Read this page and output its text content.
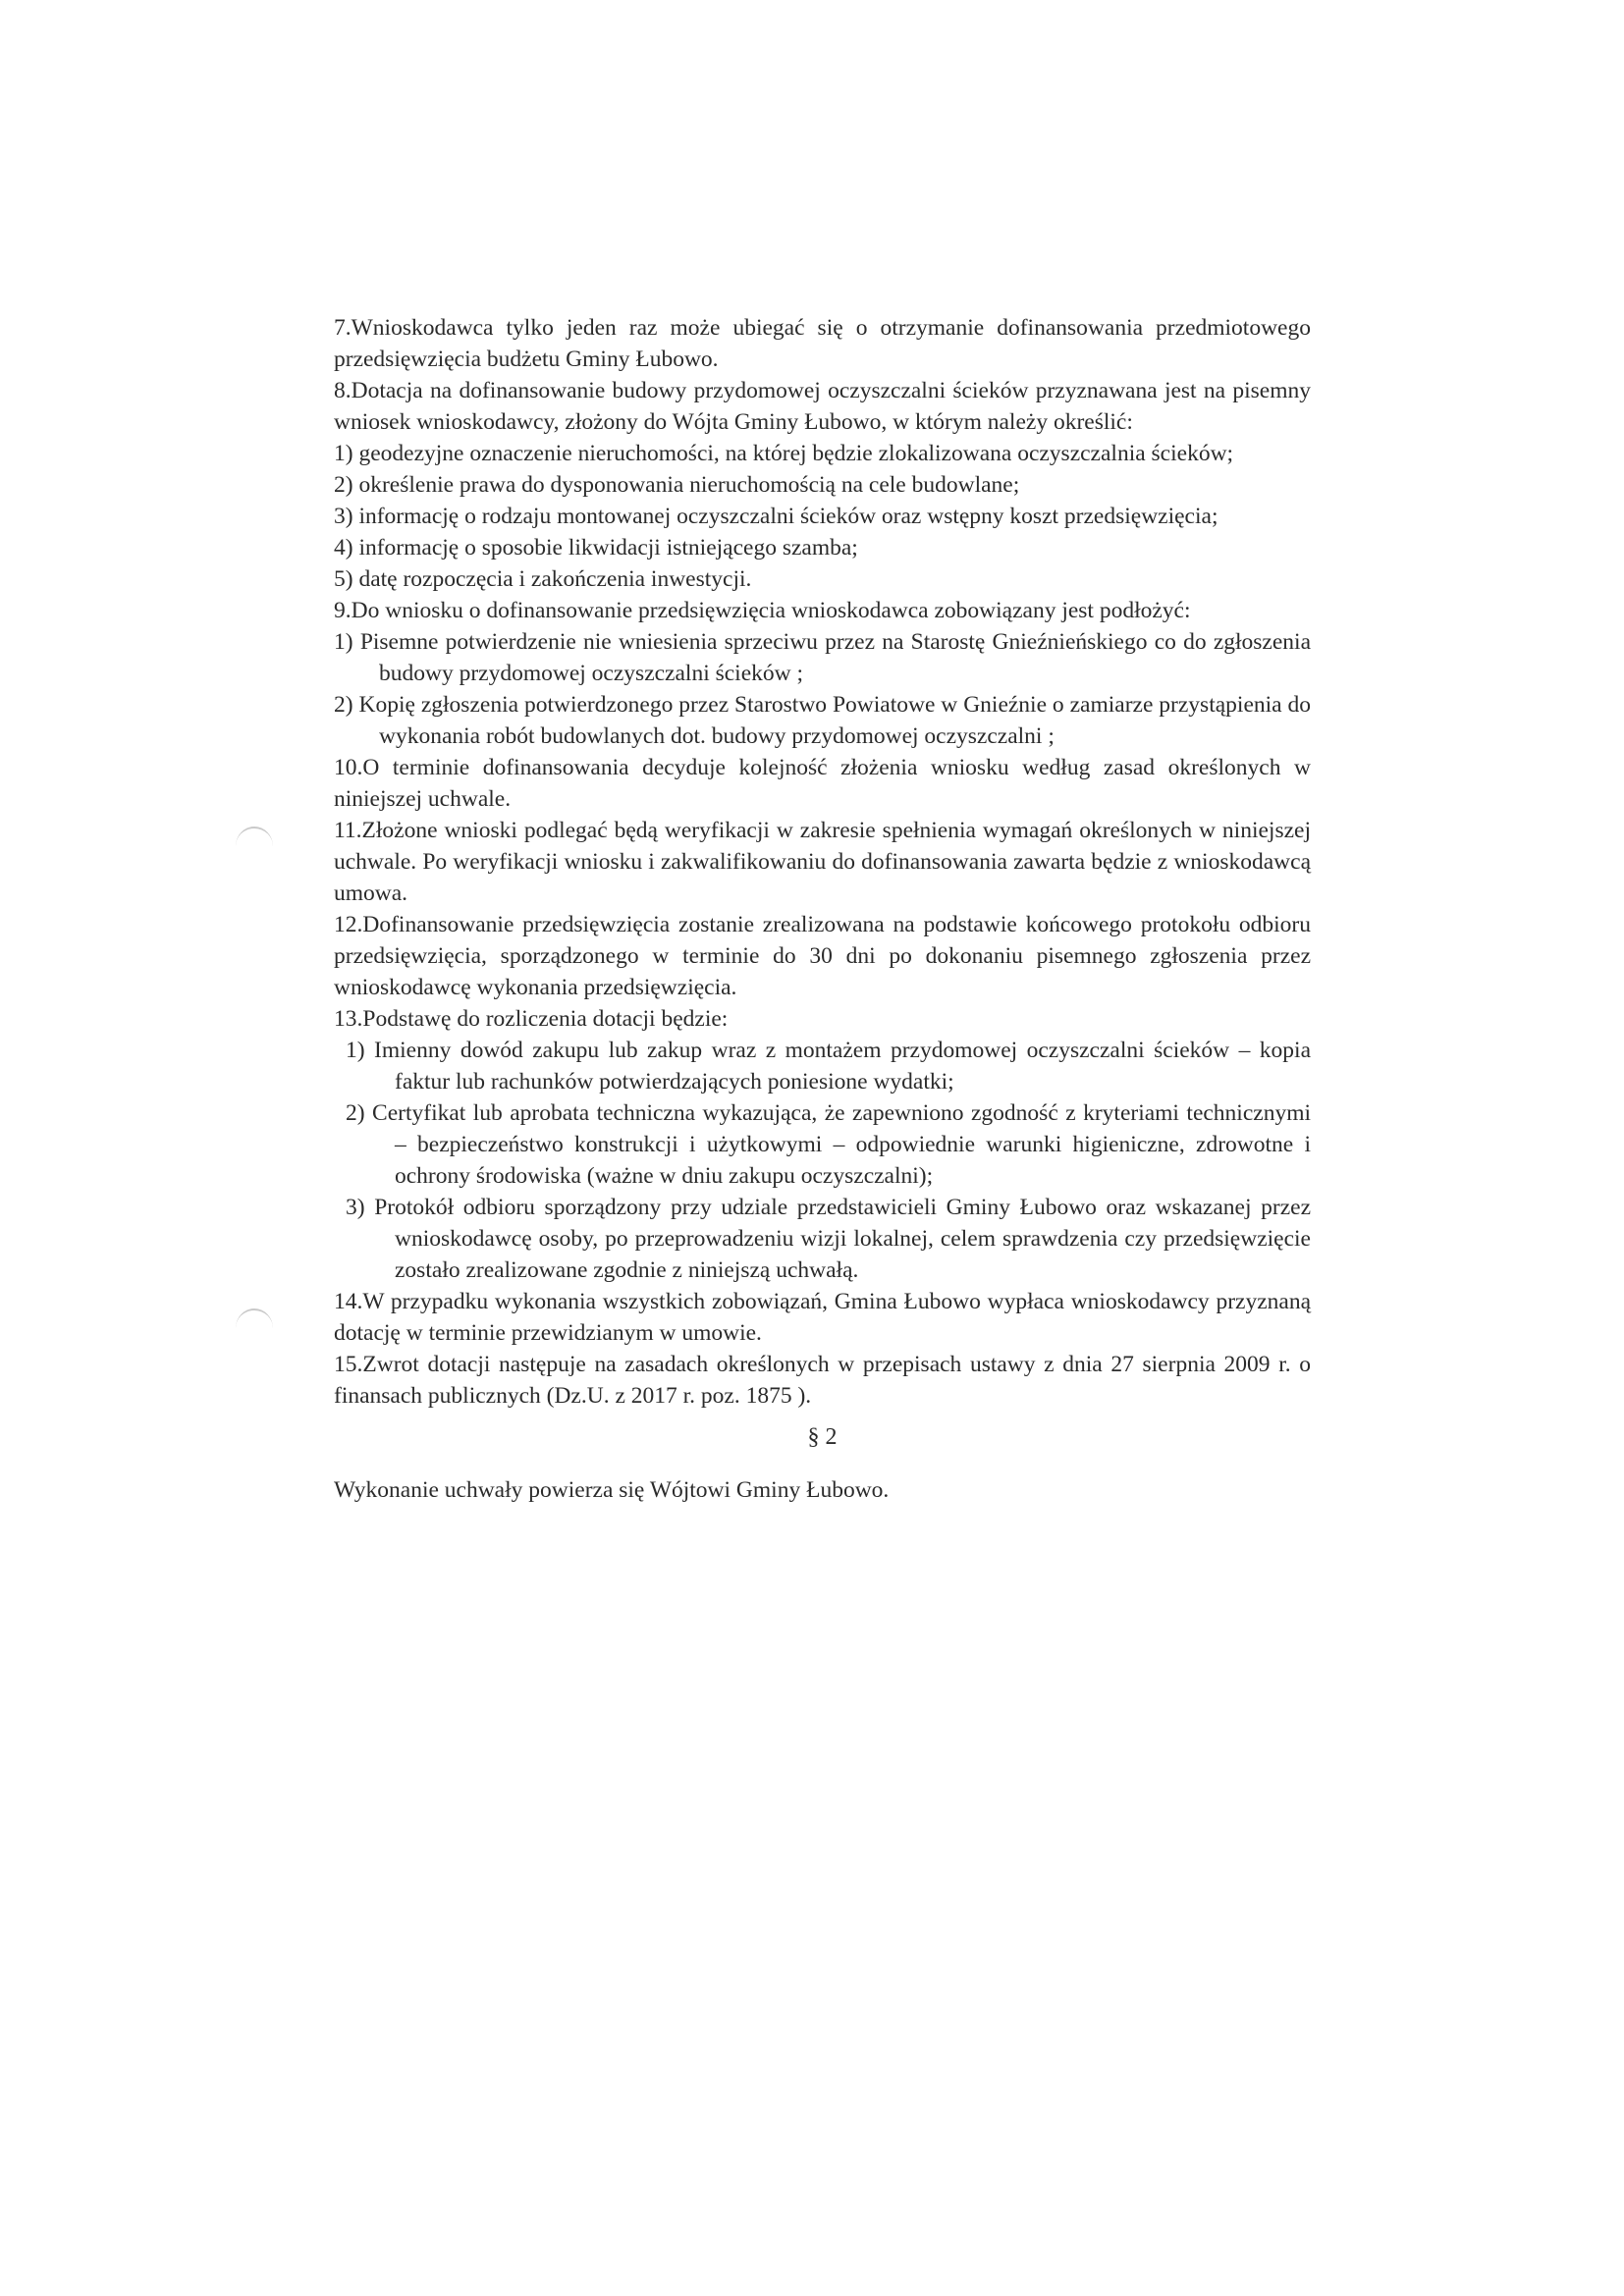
7.Wnioskodawca tylko jeden raz może ubiegać się o otrzymanie dofinansowania przedmiotowego przedsięwzięcia budżetu Gminy Łubowo.

8.Dotacja na dofinansowanie budowy przydomowej oczyszczalni ścieków przyznawana jest na pisemny wniosek wnioskodawcy, złożony do Wójta Gminy Łubowo, w którym należy określić:

1) geodezyjne oznaczenie nieruchomości, na której będzie zlokalizowana oczyszczalnia ścieków;
2) określenie prawa do dysponowania nieruchomością na cele budowlane;
3) informację o rodzaju montowanej oczyszczalni ścieków oraz wstępny koszt przedsięwzięcia;
4) informację o sposobie likwidacji istniejącego szamba;
5) datę rozpoczęcia i zakończenia inwestycji.

9.Do wniosku o dofinansowanie przedsięwzięcia wnioskodawca zobowiązany jest podłożyć:

1) Pisemne potwierdzenie nie wniesienia sprzeciwu przez na Starostę Gnieźnieńskiego co do zgłoszenia budowy przydomowej oczyszczalni ścieków ;
2) Kopię zgłoszenia potwierdzonego przez Starostwo Powiatowe w Gnieźnie o zamiarze przystąpienia do wykonania robót budowlanych dot. budowy przydomowej oczyszczalni ;

10.O terminie dofinansowania decyduje kolejność złożenia wniosku według zasad określonych w niniejszej uchwale.

11.Złożone wnioski podlegać będą weryfikacji w zakresie spełnienia wymagań określonych w niniejszej uchwale. Po weryfikacji wniosku i zakwalifikowaniu do dofinansowania zawarta będzie z wnioskodawcą umowa.

12.Dofinansowanie przedsięwzięcia zostanie zrealizowana na podstawie końcowego protokołu odbioru przedsięwzięcia, sporządzonego w terminie do 30 dni po dokonaniu pisemnego zgłoszenia przez wnioskodawcę wykonania przedsięwzięcia.

13.Podstawę do rozliczenia dotacji będzie:

1) Imienny dowód zakupu lub zakup wraz z montażem przydomowej oczyszczalni ścieków – kopia faktur lub rachunków potwierdzających poniesione wydatki;
2) Certyfikat lub aprobata techniczna wykazująca, że zapewniono zgodność z kryteriami technicznymi – bezpieczeństwo konstrukcji i użytkowymi – odpowiednie warunki higieniczne, zdrowotne i ochrony środowiska (ważne w dniu zakupu oczyszczalni);
3) Protokół odbioru sporządzony przy udziale przedstawicieli Gminy Łubowo oraz wskazanej przez wnioskodawcę osoby, po przeprowadzeniu wizji lokalnej, celem sprawdzenia czy przedsięwzięcie zostało zrealizowane zgodnie z niniejszą uchwałą.

14.W przypadku wykonania wszystkich zobowiązań, Gmina Łubowo wypłaca wnioskodawcy przyznaną dotację w terminie przewidzianym w umowie.

15.Zwrot dotacji następuje na zasadach określonych w przepisach ustawy z dnia 27 sierpnia 2009 r. o finansach publicznych (Dz.U. z 2017 r. poz. 1875 ).

§ 2

Wykonanie uchwały powierza się Wójtowi Gminy Łubowo.
